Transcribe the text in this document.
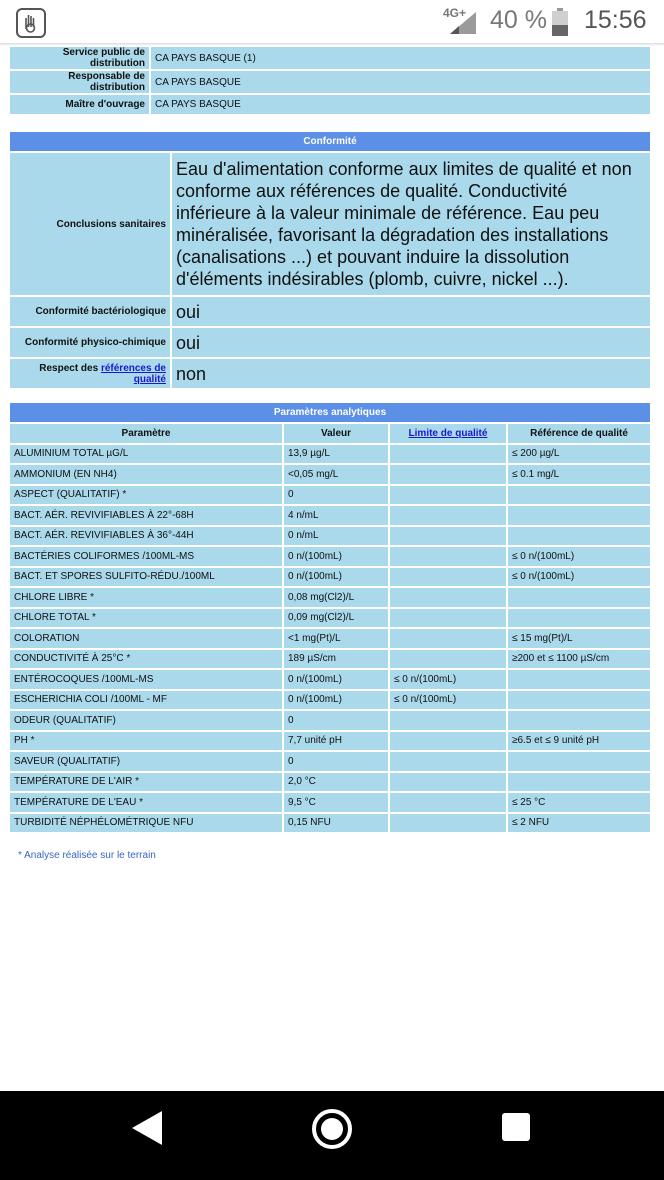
4G+ 40 % 15:56
Service public de distribution	CA PAYS BASQUE (1)
Responsable de distribution	CA PAYS BASQUE
Maître d'ouvrage	CA PAYS BASQUE
Conformité	
Conclusions sanitaires	Eau d'alimentation conforme aux limites de qualité et non conforme aux références de qualité. Conductivité inférieure à la valeur minimale de référence. Eau peu minéralisée, favorisant la dégradation des installations (canalisations ...) et pouvant induire la dissolution d'éléments indésirables (plomb, cuivre, nickel ...).
Conformité bactériologique	oui
Conformité physico-chimique	oui
Respect des références de qualité	non
Paramètres analytiques			
Paramètre	Valeur	Limite de qualité	Référence de qualité
ALUMINIUM TOTAL µG/L	13,9 µg/L		≤ 200 µg/L
AMMONIUM (EN NH4)	<0,05 mg/L		≤ 0.1 mg/L
ASPECT (QUALITATIF) *	0		
BACT. AÉR. REVIVIFIABLES À 22°-68H	4 n/mL		
BACT. AÉR. REVIVIFIABLES À 36°-44H	0 n/mL		
BACTÉRIES COLIFORMES /100ML-MS	0 n/(100mL)		≤ 0 n/(100mL)
BACT. ET SPORES SULFITO-RÉDU./100ML	0 n/(100mL)		≤ 0 n/(100mL)
CHLORE LIBRE *	0,08 mg(Cl2)/L		
CHLORE TOTAL *	0,09 mg(Cl2)/L		
COLORATION	<1 mg(Pt)/L		≤ 15 mg(Pt)/L
CONDUCTIVITÉ À 25°C *	189 µS/cm		≥200 et ≤ 1100 µS/cm
ENTÉROCOQUES /100ML-MS	0 n/(100mL)	≤ 0 n/(100mL)	
ESCHERICHIA COLI /100ML - MF	0 n/(100mL)	≤ 0 n/(100mL)	
ODEUR (QUALITATIF)	0		
PH *	7,7 unité pH		≥6.5 et ≤ 9 unité pH
SAVEUR (QUALITATIF)	0		
TEMPÉRATURE DE L'AIR *	2,0 °C		
TEMPÉRATURE DE L'EAU *	9,5 °C		≤ 25 °C
TURBIDITÉ NÉPHÉLOMÉTRIQUE NFU	0,15 NFU		≤ 2 NFU
* Analyse réalisée sur le terrain
